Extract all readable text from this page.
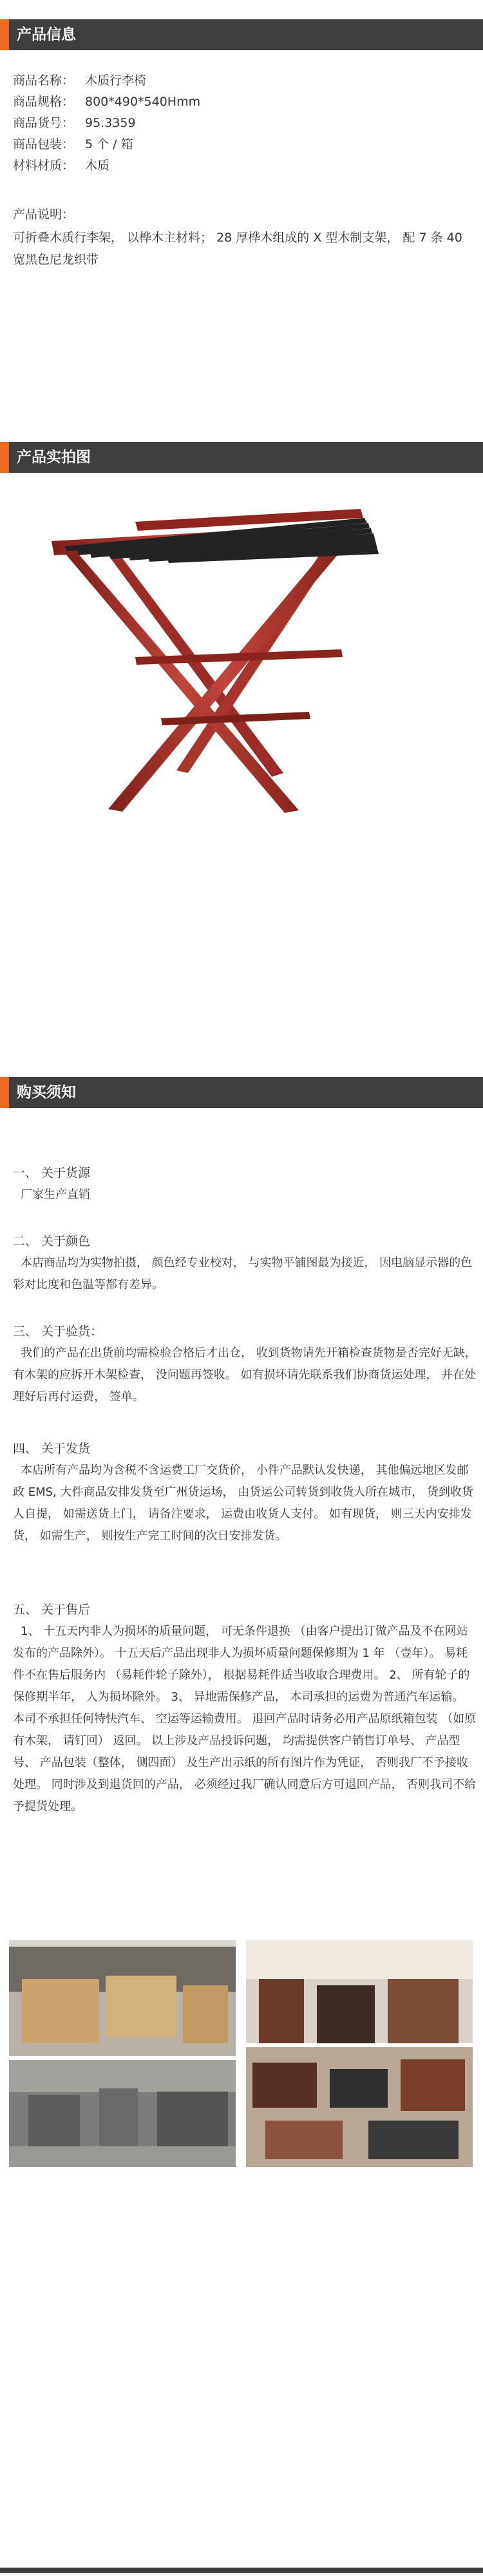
产品信息
商品名称： 木质行李椅
商品规格： 800*490*540Hmm
商品货号： 95.3359
商品包装： 5 个 / 箱
材料材质： 木质
产品说明：
可折叠木质行李架， 以桦木主材料； 28 厚桦木组成的 X 型木制支架， 配 7 条 40 宽黑色尼龙织带
产品实拍图
购买须知
一、 关于货源
厂家生产直销
二、 关于颜色
本店商品均为实物拍摄， 颜色经专业校对， 与实物平铺图最为接近， 因电脑显示器的色彩对比度和色温等都有差异。
三、 关于验货：
我们的产品在出货前均需检验合格后才出仓， 收到货物请先开箱检查货物是否完好无缺， 有木架的应拆开木架检查， 没问题再签收。 如有损坏请先联系我们协商货运处理， 并在处理好后再付运费， 签单。
四、 关于发货
本店所有产品均为含税不含运费工厂交货价， 小件产品默认发快递， 其他偏远地区发邮政 EMS, 大件商品安排发货至广州货运场， 由货运公司转货到收货人所在城市， 货到收货人自提， 如需送货上门， 请备注要求， 运费由收货人支付。 如有现货， 则三天内安排发货， 如需生产， 则按生产完工时间的次日安排发货。
五、 关于售后
1、 十五天内非人为损坏的质量问题， 可无条件退换 （由客户提出订做产品及不在网站发布的产品除外）。 十五天后产品出现非人为损坏质量问题保修期为 1 年 （壹年）。 易耗件不在售后服务内 （易耗件轮子除外）， 根据易耗件适当收取合理费用。 2、 所有轮子的保修期半年， 人为损坏除外。 3、 异地需保修产品， 本司承担的运费为普通汽车运输。 本司不承担任何特快汽车、 空运等运输费用。 退回产品时请务必用产品原纸箱包装 （如原有木架， 请钉回） 返回。 以上涉及产品投诉问题， 均需提供客户销售订单号、 产品型号、 产品包装（整体， 侧四面） 及生产出示纸的所有图片作为凭证， 否则我厂不予接收处理。 同时涉及到退货回的产品， 必须经过我厂确认同意后方可退回产品， 否则我司不给予提货处理。
